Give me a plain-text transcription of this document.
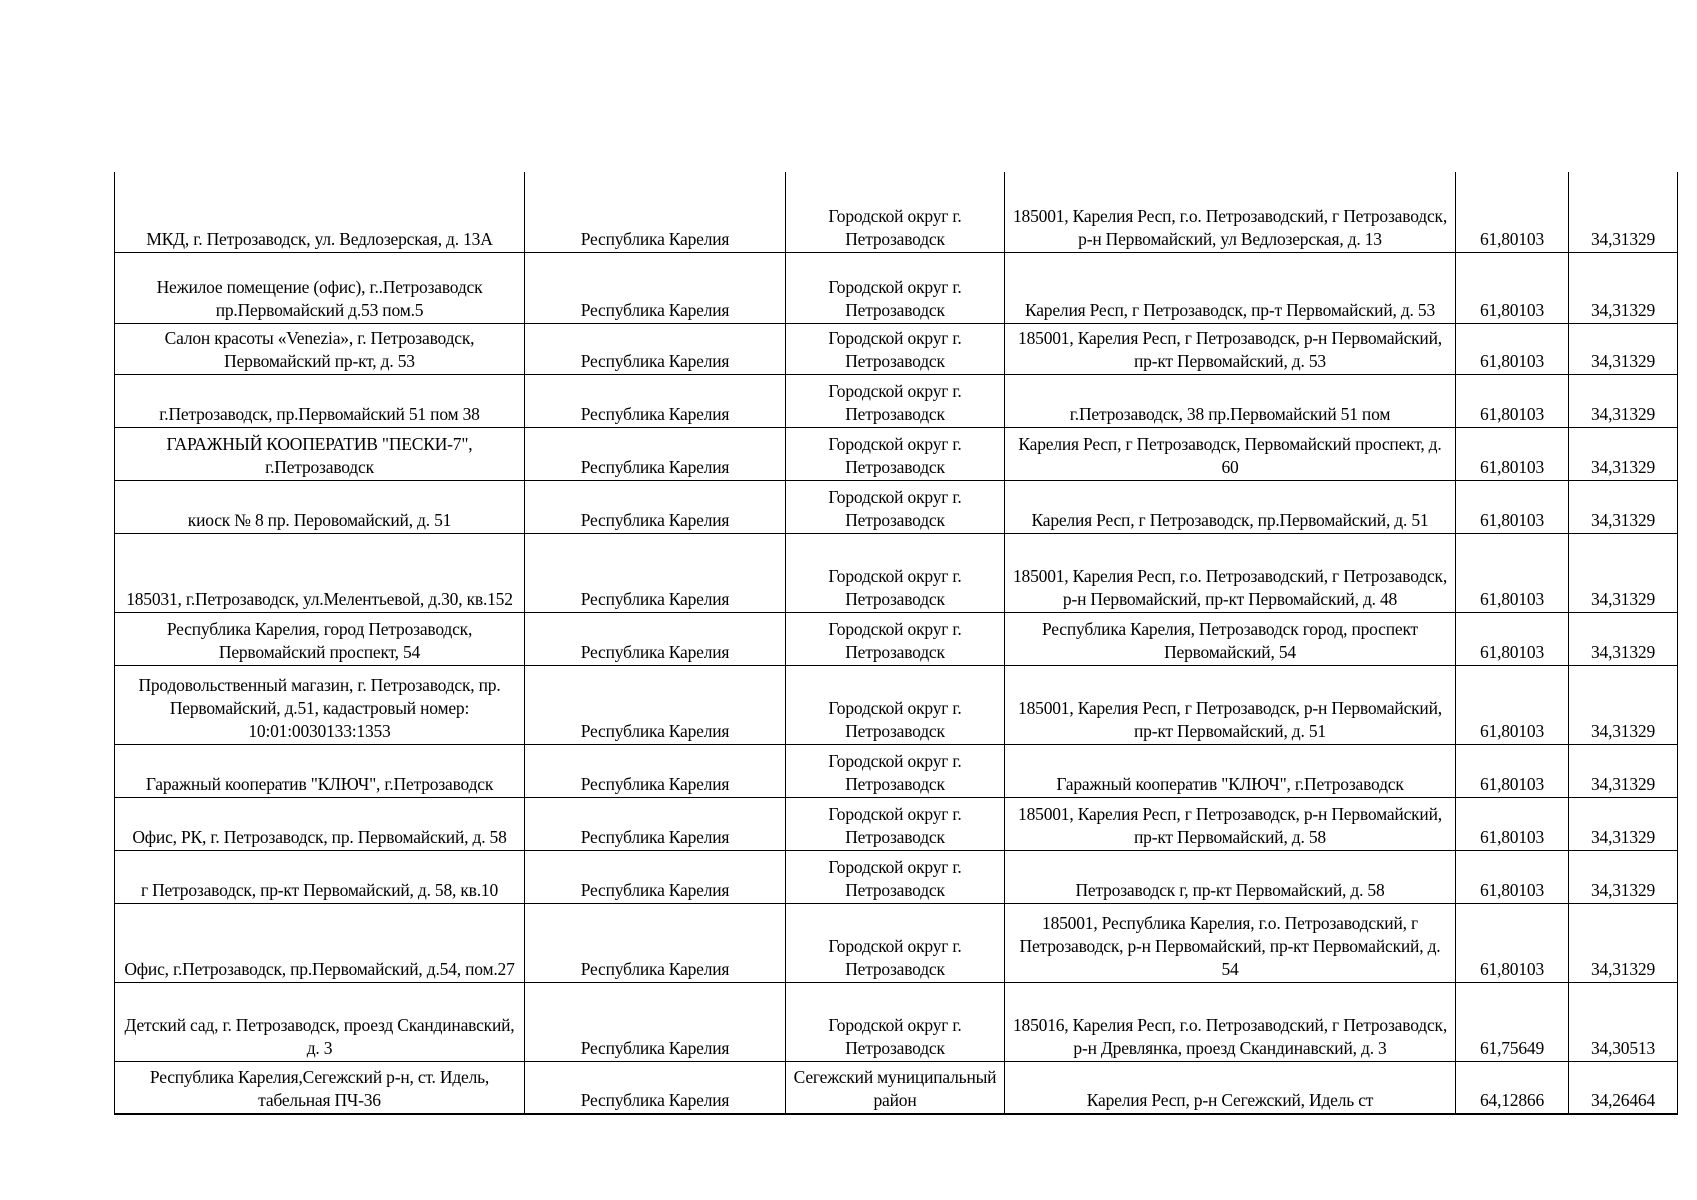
МКД, г. Петрозаводск, ул. Ведлозерская, д. 13А	Республика Карелия	Городской округ г. Петрозаводск	185001, Карелия Респ, г.о. Петрозаводский, г Петрозаводск, р-н Первомайский, ул Ведлозерская, д. 13	61,80103	34,31329
Нежилое помещение (офис), г..Петрозаводск пр.Первомайский д.53 пом.5	Республика Карелия	Городской округ г. Петрозаводск	Карелия Респ, г Петрозаводск, пр-т Первомайский, д. 53	61,80103	34,31329
Салон красоты «Venezia», г. Петрозаводск, Первомайский пр-кт, д. 53	Республика Карелия	Городской округ г. Петрозаводск	185001, Карелия Респ, г Петрозаводск, р-н Первомайский, пр-кт Первомайский, д. 53	61,80103	34,31329
г.Петрозаводск, пр.Первомайский 51 пом 38	Республика Карелия	Городской округ г. Петрозаводск	г.Петрозаводск, 38 пр.Первомайский 51 пом	61,80103	34,31329
ГАРАЖНЫЙ КООПЕРАТИВ "ПЕСКИ-7", г.Петрозаводск	Республика Карелия	Городской округ г. Петрозаводск	Карелия Респ, г Петрозаводск, Первомайский проспект, д. 60	61,80103	34,31329
киоск № 8 пр. Перовомайский, д. 51	Республика Карелия	Городской округ г. Петрозаводск	Карелия Респ, г Петрозаводск, пр.Первомайский, д. 51	61,80103	34,31329
185031, г.Петрозаводск, ул.Мелентьевой, д.30, кв.152	Республика Карелия	Городской округ г. Петрозаводск	185001, Карелия Респ, г.о. Петрозаводский, г Петрозаводск, р-н Первомайский, пр-кт Первомайский, д. 48	61,80103	34,31329
Республика Карелия, город Петрозаводск, Первомайский проспект, 54	Республика Карелия	Городской округ г. Петрозаводск	Республика Карелия, Петрозаводск город, проспект Первомайский, 54	61,80103	34,31329
Продовольственный магазин, г. Петрозаводск, пр. Первомайский, д.51, кадастровый номер: 10:01:0030133:1353	Республика Карелия	Городской округ г. Петрозаводск	185001, Карелия Респ, г Петрозаводск, р-н Первомайский, пр-кт Первомайский, д. 51	61,80103	34,31329
Гаражный кооператив "КЛЮЧ", г.Петрозаводск	Республика Карелия	Городской округ г. Петрозаводск	Гаражный кооператив "КЛЮЧ", г.Петрозаводск	61,80103	34,31329
Офис, РК, г. Петрозаводск, пр. Первомайский, д. 58	Республика Карелия	Городской округ г. Петрозаводск	185001, Карелия Респ, г Петрозаводск, р-н Первомайский, пр-кт Первомайский, д. 58	61,80103	34,31329
г Петрозаводск, пр-кт Первомайский, д. 58, кв.10	Республика Карелия	Городской округ г. Петрозаводск	Петрозаводск г, пр-кт Первомайский, д. 58	61,80103	34,31329
Офис, г.Петрозаводск, пр.Первомайский, д.54, пом.27	Республика Карелия	Городской округ г. Петрозаводск	185001, Республика Карелия, г.о. Петрозаводский, г Петрозаводск, р-н Первомайский, пр-кт Первомайский, д. 54	61,80103	34,31329
Детский сад, г. Петрозаводск, проезд Скандинавский, д. 3	Республика Карелия	Городской округ г. Петрозаводск	185016, Карелия Респ, г.о. Петрозаводский, г Петрозаводск, р-н Древлянка, проезд Скандинавский, д. 3	61,75649	34,30513
Республика Карелия,Сегежский р-н, ст. Идель, табельная ПЧ-36	Республика Карелия	Сегежский муниципальный район	Карелия Респ, р-н Сегежский, Идель ст	64,12866	34,26464
